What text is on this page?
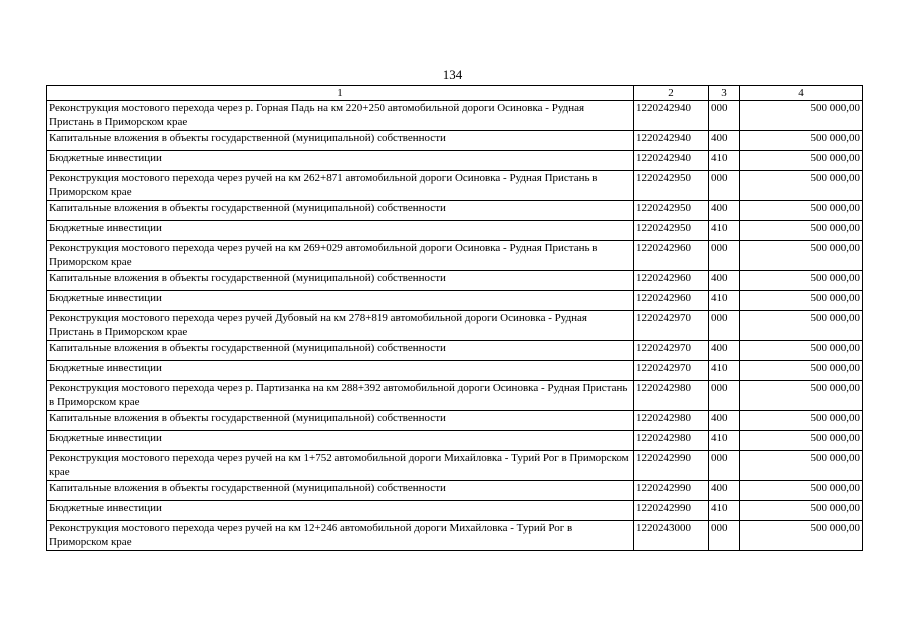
134
1	2	3	4
Реконструкция мостового перехода через р. Горная Падь на км 220+250 автомобильной дороги Осиновка - Рудная Пристань в Приморском крае	1220242940	000	500 000,00
Капитальные вложения в объекты государственной (муниципальной) собственности	1220242940	400	500 000,00
Бюджетные инвестиции	1220242940	410	500 000,00
Реконструкция мостового перехода через ручей на км 262+871 автомобильной дороги Осиновка - Рудная Пристань в Приморском крае	1220242950	000	500 000,00
Капитальные вложения в объекты государственной (муниципальной) собственности	1220242950	400	500 000,00
Бюджетные инвестиции	1220242950	410	500 000,00
Реконструкция мостового перехода через ручей на км 269+029 автомобильной дороги Осиновка - Рудная Пристань в Приморском крае	1220242960	000	500 000,00
Капитальные вложения в объекты государственной (муниципальной) собственности	1220242960	400	500 000,00
Бюджетные инвестиции	1220242960	410	500 000,00
Реконструкция мостового перехода через ручей Дубовый на км 278+819 автомобильной дороги Осиновка - Рудная Пристань в Приморском крае	1220242970	000	500 000,00
Капитальные вложения в объекты государственной (муниципальной) собственности	1220242970	400	500 000,00
Бюджетные инвестиции	1220242970	410	500 000,00
Реконструкция мостового перехода через р. Партизанка на км 288+392 автомобильной дороги Осиновка - Рудная Пристань в Приморском крае	1220242980	000	500 000,00
Капитальные вложения в объекты государственной (муниципальной) собственности	1220242980	400	500 000,00
Бюджетные инвестиции	1220242980	410	500 000,00
Реконструкция мостового перехода через ручей на км 1+752 автомобильной дороги Михайловка - Турий Рог в Приморском крае	1220242990	000	500 000,00
Капитальные вложения в объекты государственной (муниципальной) собственности	1220242990	400	500 000,00
Бюджетные инвестиции	1220242990	410	500 000,00
Реконструкция мостового перехода через ручей на км 12+246 автомобильной дороги Михайловка - Турий Рог в Приморском крае	1220243000	000	500 000,00
